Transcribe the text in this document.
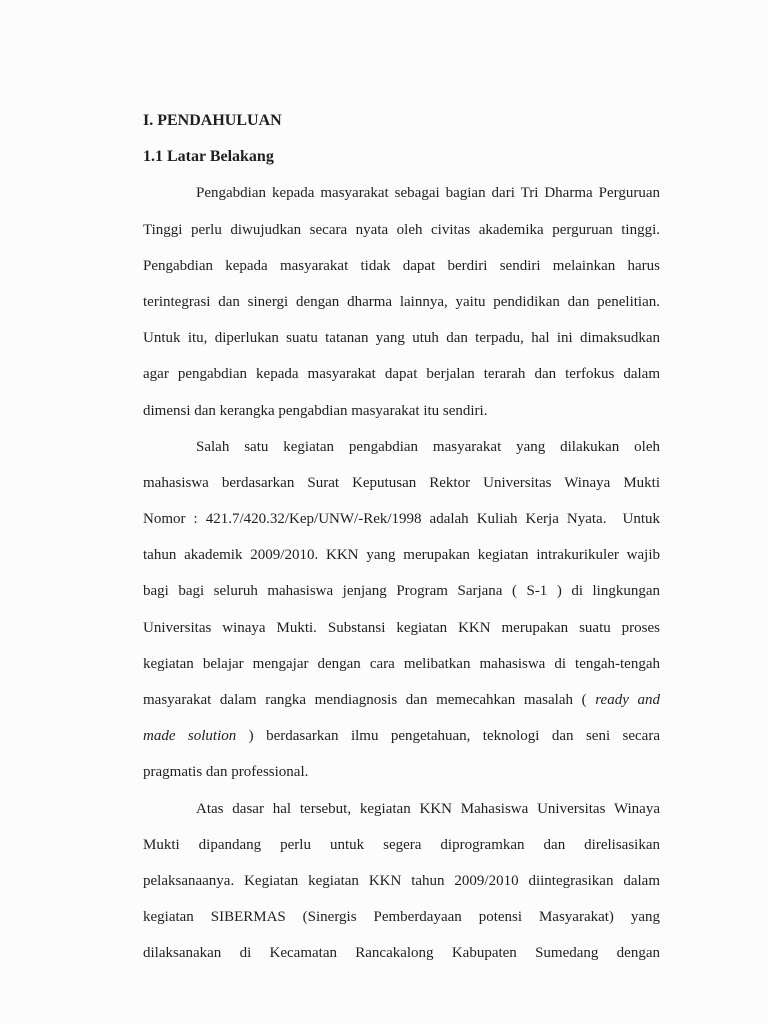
I. PENDAHULUAN
1.1 Latar Belakang
Pengabdian kepada masyarakat sebagai bagian dari Tri Dharma Perguruan
Tinggi perlu diwujudkan secara nyata oleh civitas akademika perguruan tinggi.
Pengabdian kepada masyarakat tidak dapat berdiri sendiri melainkan harus
terintegrasi dan sinergi dengan dharma lainnya, yaitu pendidikan dan penelitian.
Untuk itu, diperlukan suatu tatanan yang utuh dan terpadu, hal ini dimaksudkan
agar pengabdian kepada masyarakat dapat berjalan terarah dan terfokus dalam
dimensi dan kerangka pengabdian masyarakat itu sendiri.
Salah satu kegiatan pengabdian masyarakat yang dilakukan oleh
mahasiswa berdasarkan Surat Keputusan Rektor Universitas Winaya Mukti
Nomor : 421.7/420.32/Kep/UNW/-Rek/1998 adalah Kuliah Kerja Nyata.  Untuk
tahun akademik 2009/2010. KKN yang merupakan kegiatan intrakurikuler wajib
bagi bagi seluruh mahasiswa jenjang Program Sarjana ( S-1 ) di lingkungan
Universitas winaya Mukti. Substansi kegiatan KKN merupakan suatu proses
kegiatan belajar mengajar dengan cara melibatkan mahasiswa di tengah-tengah
masyarakat dalam rangka mendiagnosis dan memecahkan masalah ( ready and
made solution ) berdasarkan ilmu pengetahuan, teknologi dan seni secara
pragmatis dan professional.
Atas dasar hal tersebut, kegiatan KKN Mahasiswa Universitas Winaya
Mukti dipandang perlu untuk segera diprogramkan dan direlisasikan
pelaksanaanya. Kegiatan kegiatan KKN tahun 2009/2010 diintegrasikan dalam
kegiatan SIBERMAS (Sinergis Pemberdayaan potensi Masyarakat) yang
dilaksanakan di Kecamatan Rancakalong Kabupaten Sumedang dengan
